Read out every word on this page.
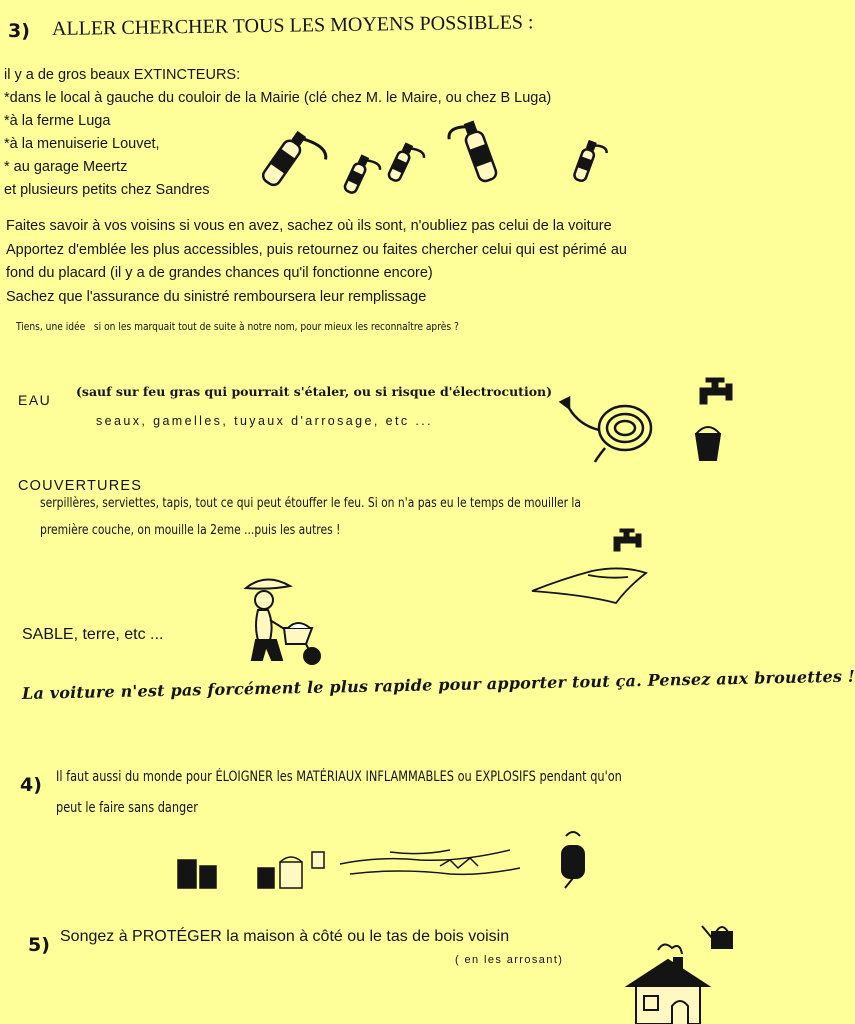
3) ALLER CHERCHER TOUS LES MOYENS POSSIBLES :
il y a de gros beaux EXTINCTEURS:
*dans le local à gauche du couloir de la Mairie (clé chez M. le Maire, ou chez B Luga)
*à la ferme Luga
*à la menuiserie Louvet,
* au garage Meertz
et plusieurs petits chez Sandres
Faites savoir à vos voisins si vous en avez, sachez où ils sont, n'oubliez pas celui de la voiture
Apportez d'emblée les plus accessibles, puis retournez ou faites chercher celui qui est périmé au
fond du placard (il y a de grandes chances qu'il fonctionne encore)
Sachez que l'assurance du sinistré remboursera leur remplissage
Tiens, une idée si on les marquait tout de suite à notre nom, pour mieux les reconnaître après ?
EAU
(sauf sur feu gras qui pourrait s'étaler, ou si risque d'électrocution)
seaux, gamelles, tuyaux d'arrosage, etc ...
COUVERTURES
serpillères, serviettes, tapis, tout ce qui peut étouffer le feu. Si on n'a pas eu le temps de mouiller la
première couche, on mouille la 2eme ...puis les autres !
SABLE, terre, etc ...
La voiture n'est pas forcément le plus rapide pour apporter tout ça. Pensez aux brouettes !
4) Il faut aussi du monde pour ÉLOIGNER les MATÉRIAUX INFLAMMABLES ou EXPLOSIFS pendant qu'on
peut le faire sans danger
5) Songez à PROTÉGER la maison à côté ou le tas de bois voisin
( en les arrosant)
